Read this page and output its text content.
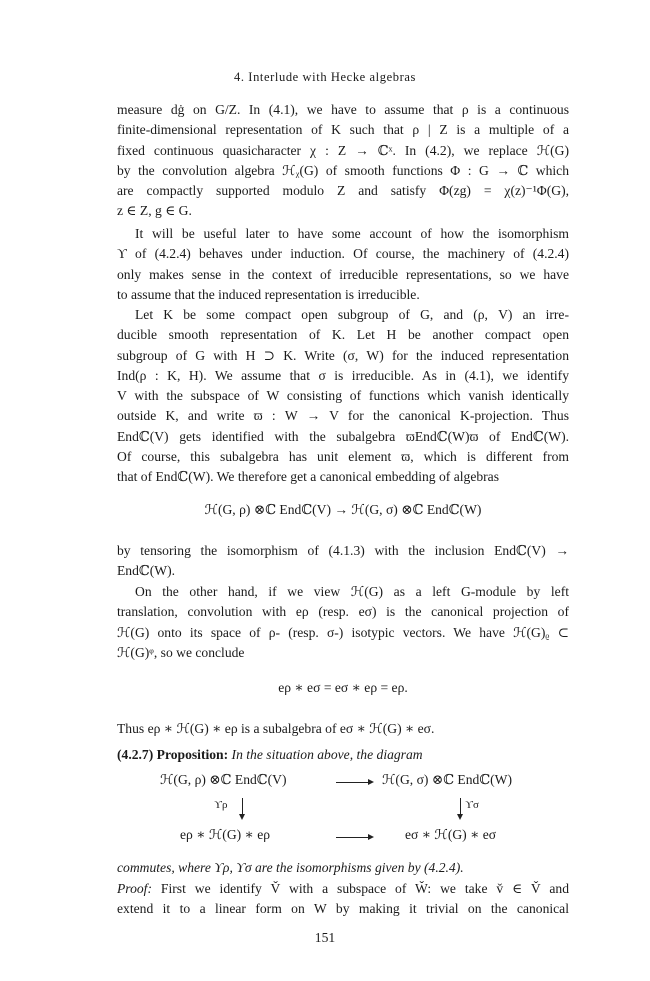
4. Interlude with Hecke algebras
measure dġ on G/Z. In (4.1), we have to assume that ρ is a continuous
finite-dimensional representation of K such that ρ | Z is a multiple of a
fixed continuous quasicharacter χ : Z → ℂˣ. In (4.2), we replace ℋ(G)
by the convolution algebra ℋᵪ(G) of smooth functions Φ : G → ℂ which
are compactly supported modulo Z and satisfy Φ(zg) = χ(z)⁻¹Φ(G),
z ∈ Z, g ∈ G.
It will be useful later to have some account of how the isomorphism
ϒ of (4.2.4) behaves under induction. Of course, the machinery of (4.2.4)
only makes sense in the context of irreducible representations, so we have
to assume that the induced representation is irreducible.
Let K be some compact open subgroup of G, and (ρ, V) an irre-
ducible smooth representation of K. Let H be another compact open
subgroup of G with H ⊃ K. Write (σ, W) for the induced representation
Ind(ρ : K, H). We assume that σ is irreducible. As in (4.1), we identify
V with the subspace of W consisting of functions which vanish identically
outside K, and write ϖ : W → V for the canonical K-projection. Thus
Endℂ(V) gets identified with the subalgebra ϖEndℂ(W)ϖ of Endℂ(W).
Of course, this subalgebra has unit element ϖ, which is different from
that of Endℂ(W). We therefore get a canonical embedding of algebras
ℋ(G, ρ) ⊗ℂ Endℂ(V) → ℋ(G, σ) ⊗ℂ Endℂ(W)
by tensoring the isomorphism of (4.1.3) with the inclusion Endℂ(V) →
Endℂ(W).
On the other hand, if we view ℋ(G) as a left G-module by left
translation, convolution with eρ (resp. eσ) is the canonical projection of
ℋ(G) onto its space of ρ- (resp. σ-) isotypic vectors. We have ℋ(G)ᵨ ⊂
ℋ(G)ᵠ, so we conclude
eρ ∗ eσ = eσ ∗ eρ = eρ.
Thus eρ ∗ ℋ(G) ∗ eρ is a subalgebra of eσ ∗ ℋ(G) ∗ eσ.
(4.2.7) Proposition: In the situation above, the diagram
ℋ(G, ρ) ⊗ℂ Endℂ(V)	ℋ(G, σ) ⊗ℂ Endℂ(W)
ϒρ	ϒσ
eρ ∗ ℋ(G) ∗ eρ	eσ ∗ ℋ(G) ∗ eσ
commutes, where ϒρ, ϒσ are the isomorphisms given by (4.2.4).
Proof: First we identify V̌ with a subspace of W̌: we take v̌ ∈ V̌ and
extend it to a linear form on W by making it trivial on the canonical
151
